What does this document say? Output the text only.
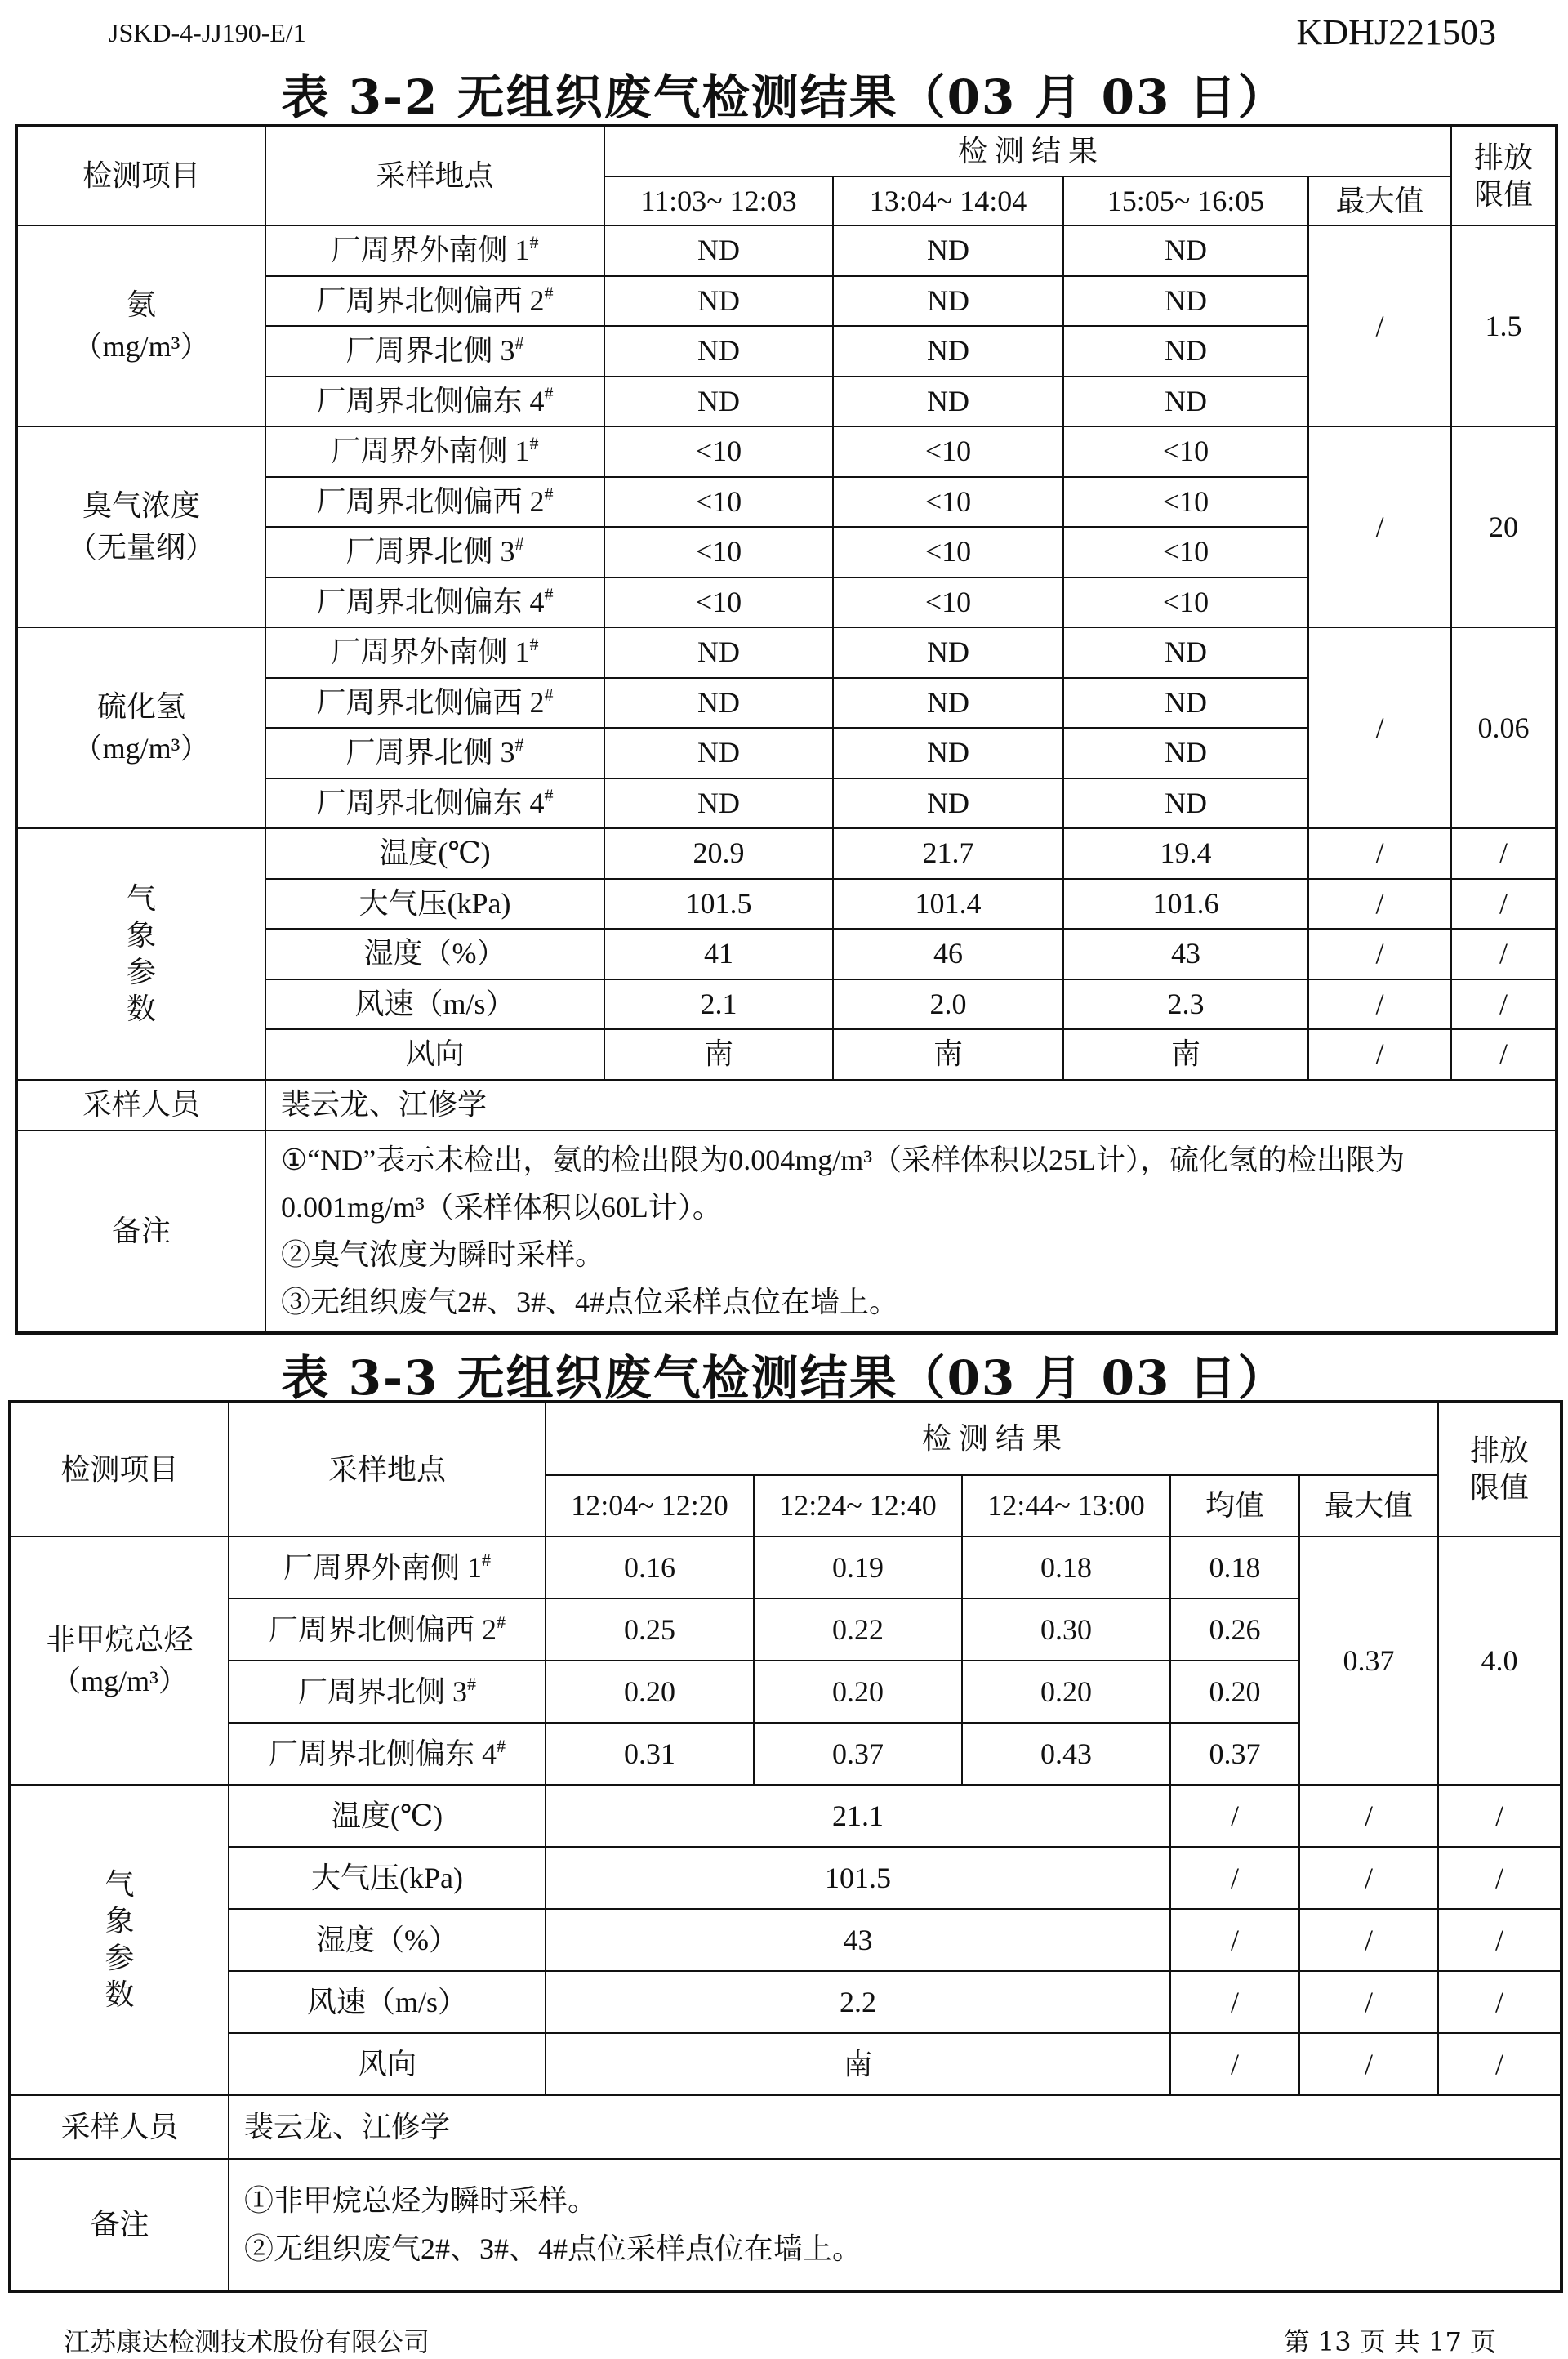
JSKD-4-JJ190-E/1	KDHJ221503
表 3-2 无组织废气检测结果（03 月 03 日）
检测项目	采样地点	检 测 结 果				排放限值
		11:03~ 12:03	13:04~ 14:04	15:05~ 16:05	最大值	

氨
（mg/m³）	厂周界外南侧 1#	ND	ND	ND	/	1.5
	厂周界北侧偏西 2#	ND	ND	ND		
	厂周界北侧 3#	ND	ND	ND		
	厂周界北侧偏东 4#	ND	ND	ND		

臭气浓度
（无量纲）	厂周界外南侧 1#	<10	<10	<10	/	20
	厂周界北侧偏西 2#	<10	<10	<10		
	厂周界北侧 3#	<10	<10	<10		
	厂周界北侧偏东 4#	<10	<10	<10		

硫化氢
（mg/m³）	厂周界外南侧 1#	ND	ND	ND	/	0.06
	厂周界北侧偏西 2#	ND	ND	ND		
	厂周界北侧 3#	ND	ND	ND		
	厂周界北侧偏东 4#	ND	ND	ND		

气
象
参
数	温度(℃)	20.9	21.7	19.4	/	/
	大气压(kPa)	101.5	101.4	101.6	/	/
	湿度（%）	41	46	43	/	/
	风速（m/s）	2.1	2.0	2.3	/	/
	风向	南	南	南	/	/
采样人员	裴云龙、江修学					
备注	①“ND”表示未检出，氨的检出限为0.004mg/m³（采样体积以25L计），硫化氢的检出限为
0.001mg/m³（采样体积以60L计）。
②臭气浓度为瞬时采样。
③无组织废气2#、3#、4#点位采样点位在墙上。					
表 3-3 无组织废气检测结果（03 月 03 日）
检测项目	采样地点	检 测 结 果					排放限值
		12:04~ 12:20	12:24~ 12:40	12:44~ 13:00	均值	最大值	

非甲烷总烃
（mg/m³）	厂周界外南侧 1#	0.16	0.19	0.18	0.18	0.37	4.0
	厂周界北侧偏西 2#	0.25	0.22	0.30	0.26		
	厂周界北侧 3#	0.20	0.20	0.20	0.20		
	厂周界北侧偏东 4#	0.31	0.37	0.43	0.37		

气
象
参
数	温度(℃)	21.1			/	/	/
	大气压(kPa)	101.5			/	/	/
	湿度（%）	43			/	/	/
	风速（m/s）	2.2			/	/	/
	风向	南			/	/	/
采样人员	裴云龙、江修学						
备注	①非甲烷总烃为瞬时采样。
②无组织废气2#、3#、4#点位采样点位在墙上。						
江苏康达检测技术股份有限公司	第 13 页 共 17 页
